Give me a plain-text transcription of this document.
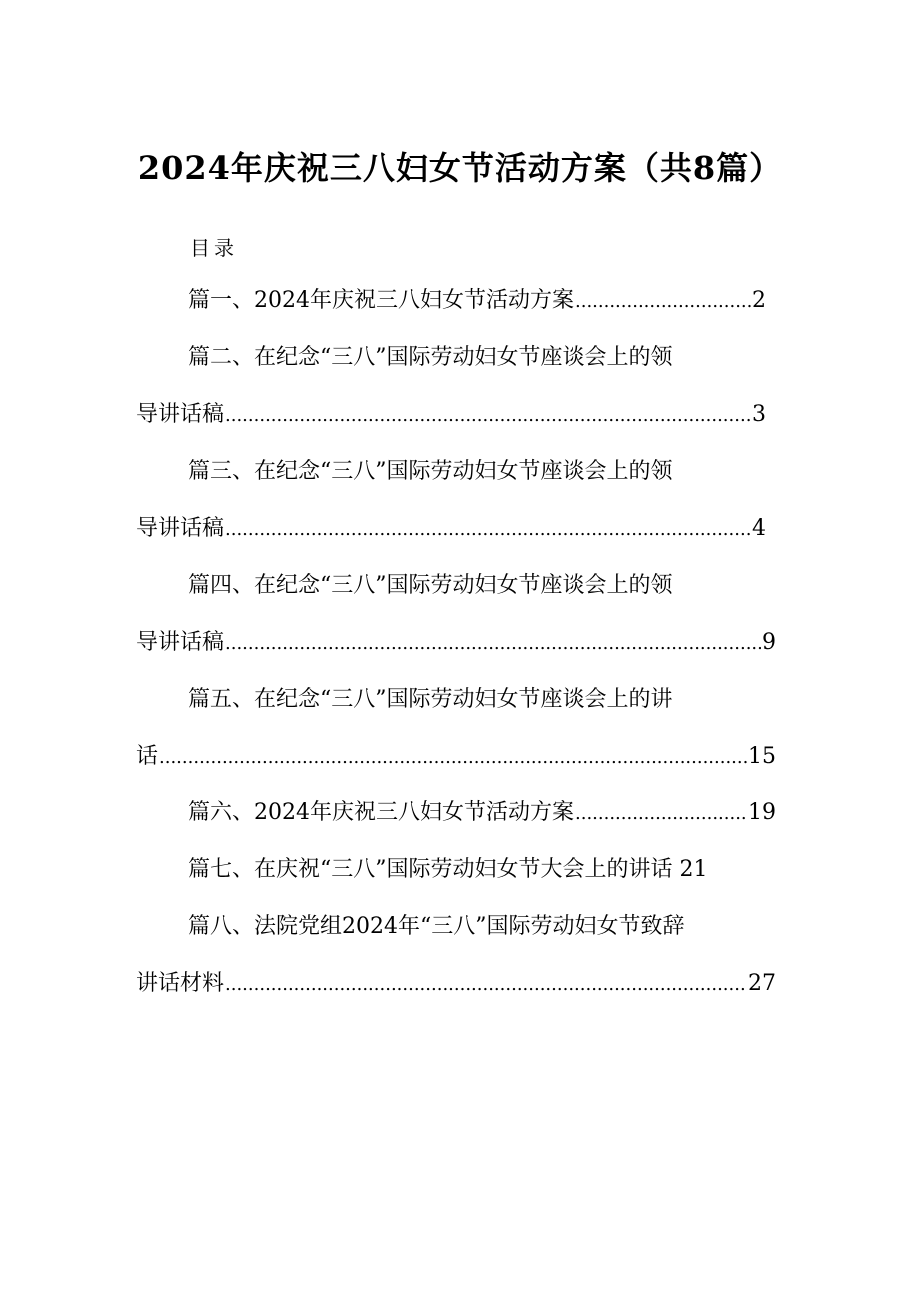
2024年庆祝三八妇女节活动方案（共8篇）
目录
篇一、2024年庆祝三八妇女节活动方案 .....	2
篇二、在纪念“三八”国际劳动妇女节座谈会上的领
导讲话稿 .....	3
篇三、在纪念“三八”国际劳动妇女节座谈会上的领
导讲话稿 .....	4
篇四、在纪念“三八”国际劳动妇女节座谈会上的领
导讲话稿 .....	9
篇五、在纪念“三八”国际劳动妇女节座谈会上的讲
话 .....	15
篇六、2024年庆祝三八妇女节活动方案 .....	19
篇七、在庆祝“三八”国际劳动妇女节大会上的讲话 21
篇八、法院党组2024年“三八”国际劳动妇女节致辞
讲话材料 .....	27
